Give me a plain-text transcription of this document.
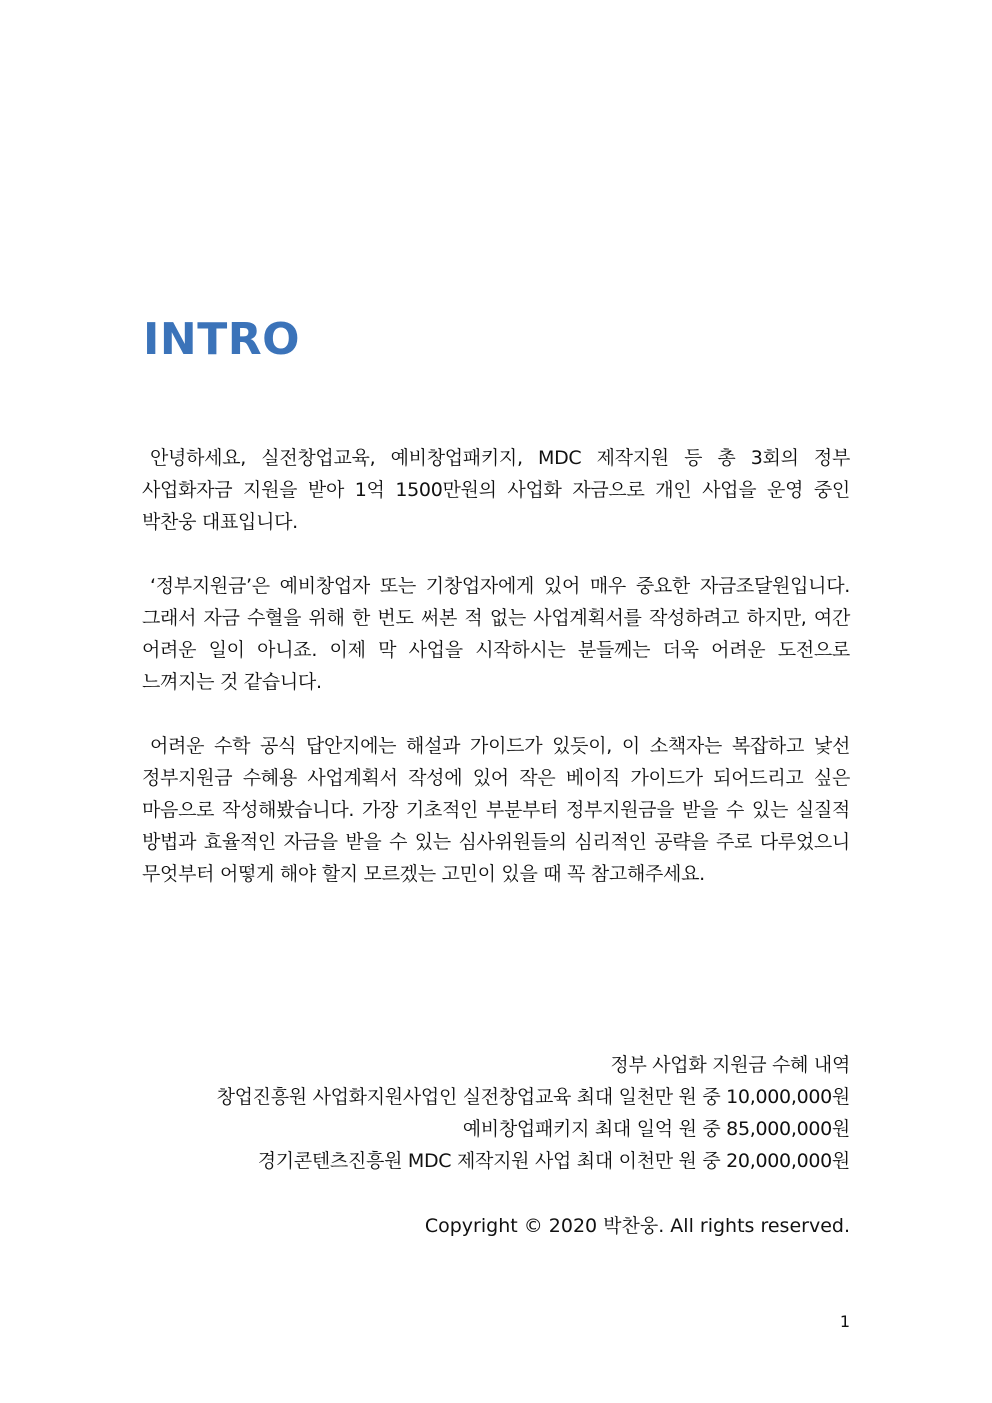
INTRO

안녕하세요, 실전창업교육, 예비창업패키지, MDC 제작지원 등 총 3회의 정부 사업화자금 지원을 받아 1억 1500만원의 사업화 자금으로 개인 사업을 운영 중인 박찬웅 대표입니다.

‘정부지원금’은 예비창업자 또는 기창업자에게 있어 매우 중요한 자금조달원입니다. 그래서 자금 수혈을 위해 한 번도 써본 적 없는 사업계획서를 작성하려고 하지만, 여간 어려운 일이 아니죠. 이제 막 사업을 시작하시는 분들께는 더욱 어려운 도전으로 느껴지는 것 같습니다.

어려운 수학 공식 답안지에는 해설과 가이드가 있듯이, 이 소책자는 복잡하고 낯선 정부지원금 수혜용 사업계획서 작성에 있어 작은 베이직 가이드가 되어드리고 싶은 마음으로 작성해봤습니다. 가장 기초적인 부분부터 정부지원금을 받을 수 있는 실질적 방법과 효율적인 자금을 받을 수 있는 심사위원들의 심리적인 공략을 주로 다루었으니 무엇부터 어떻게 해야 할지 모르겠는 고민이 있을 때 꼭 참고해주세요.

정부 사업화 지원금 수혜 내역
창업진흥원 사업화지원사업인 실전창업교육 최대 일천만 원 중 10,000,000원
예비창업패키지 최대 일억 원 중 85,000,000원
경기콘텐츠진흥원 MDC 제작지원 사업 최대 이천만 원 중 20,000,000원
Copyright © 2020 박찬웅. All rights reserved.
1
